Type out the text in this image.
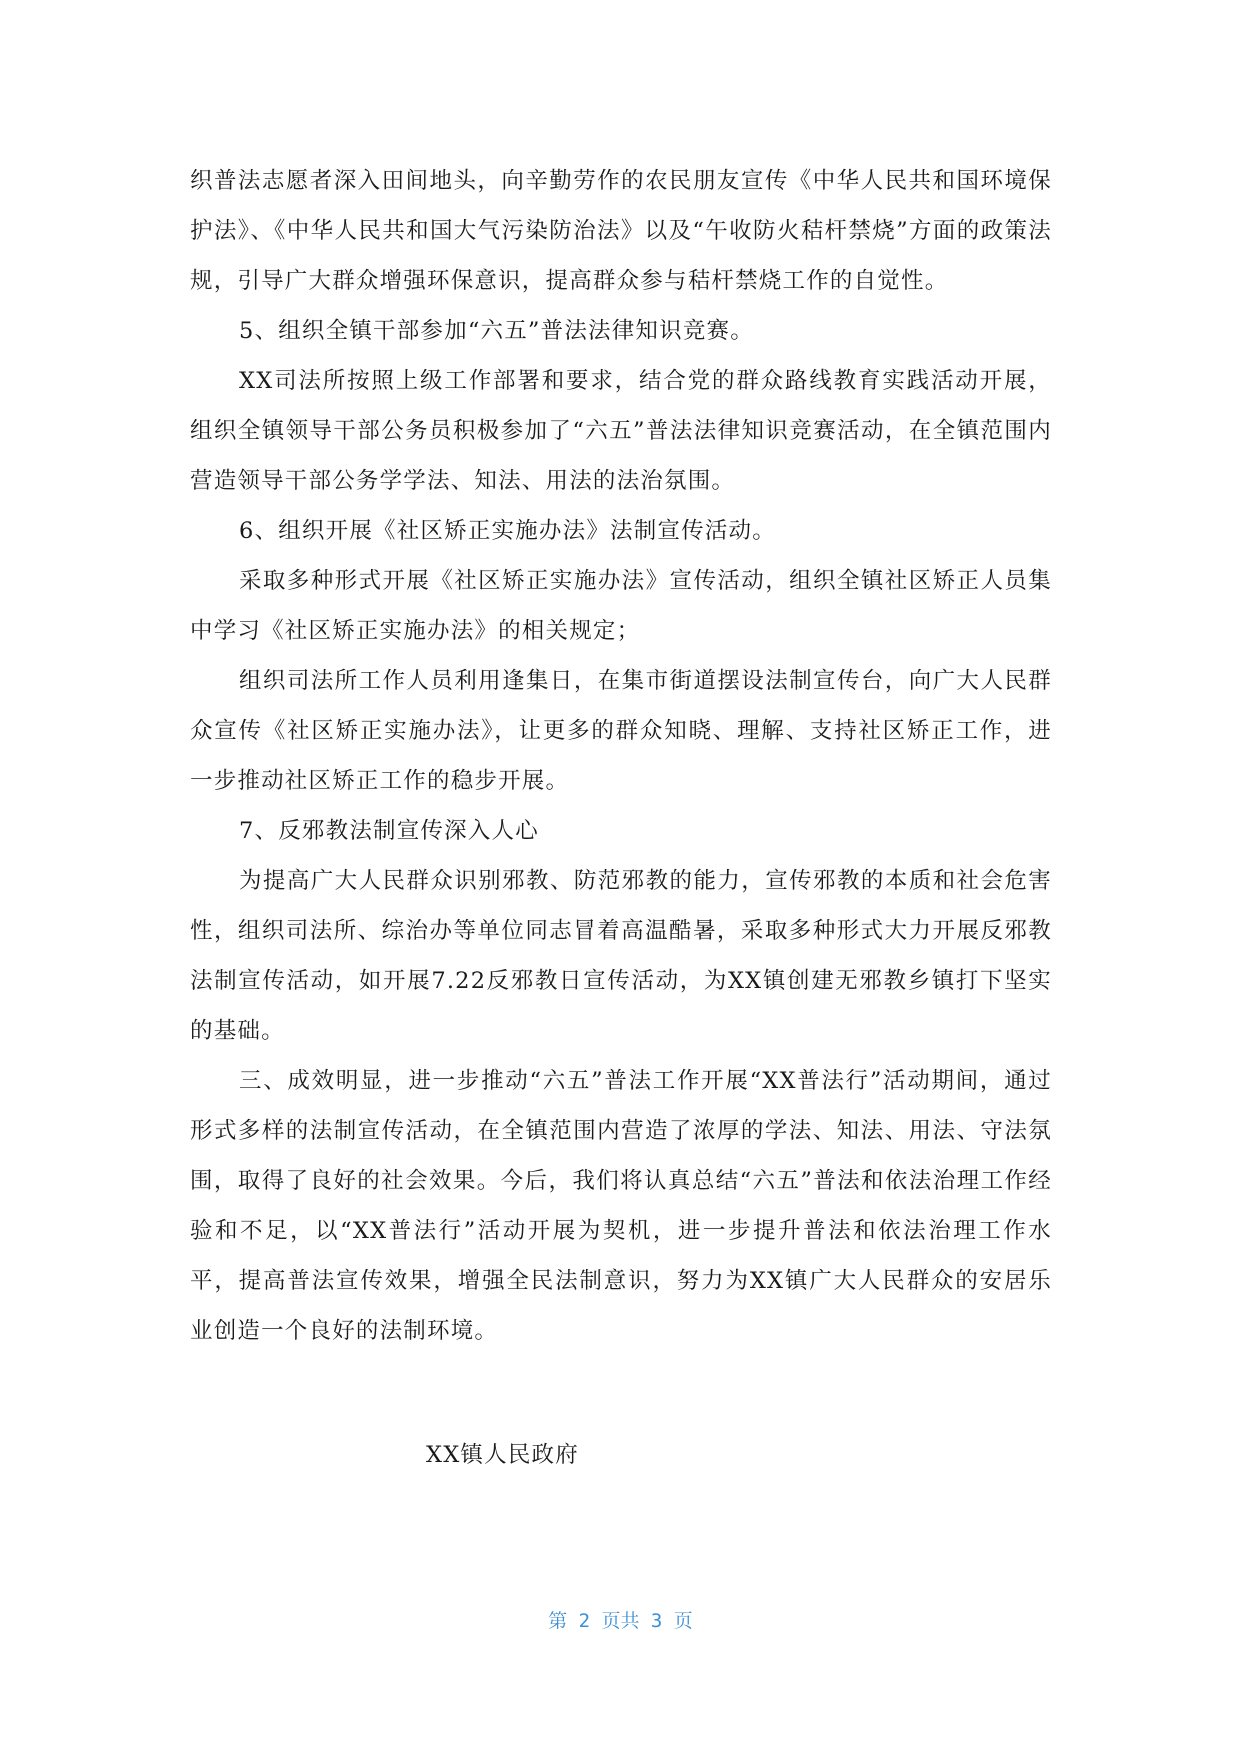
织普法志愿者深入田间地头，向辛勤劳作的农民朋友宣传《中华人民共和国环境保护法》、《中华人民共和国大气污染防治法》以及“午收防火秸杆禁烧”方面的政策法规，引导广大群众增强环保意识，提高群众参与秸杆禁烧工作的自觉性。

5、组织全镇干部参加“六五”普法法律知识竞赛。

XX司法所按照上级工作部署和要求，结合党的群众路线教育实践活动开展，组织全镇领导干部公务员积极参加了“六五”普法法律知识竞赛活动，在全镇范围内营造领导干部公务学学法、知法、用法的法治氛围。

6、组织开展《社区矫正实施办法》法制宣传活动。

采取多种形式开展《社区矫正实施办法》宣传活动，组织全镇社区矫正人员集中学习《社区矫正实施办法》的相关规定；

组织司法所工作人员利用逢集日，在集市街道摆设法制宣传台，向广大人民群众宣传《社区矫正实施办法》，让更多的群众知晓、理解、支持社区矫正工作，进一步推动社区矫正工作的稳步开展。

7、反邪教法制宣传深入人心

为提高广大人民群众识别邪教、防范邪教的能力，宣传邪教的本质和社会危害性，组织司法所、综治办等单位同志冒着高温酷暑，采取多种形式大力开展反邪教法制宣传活动，如开展7.22反邪教日宣传活动，为XX镇创建无邪教乡镇打下坚实的基础。

三、成效明显，进一步推动“六五”普法工作开展“XX普法行”活动期间，通过形式多样的法制宣传活动，在全镇范围内营造了浓厚的学法、知法、用法、守法氛围，取得了良好的社会效果。今后，我们将认真总结“六五”普法和依法治理工作经验和不足，以“XX普法行”活动开展为契机，进一步提升普法和依法治理工作水平，提高普法宣传效果，增强全民法制意识，努力为XX镇广大人民群众的安居乐业创造一个良好的法制环境。

XX镇人民政府
第 2 页共 3 页
